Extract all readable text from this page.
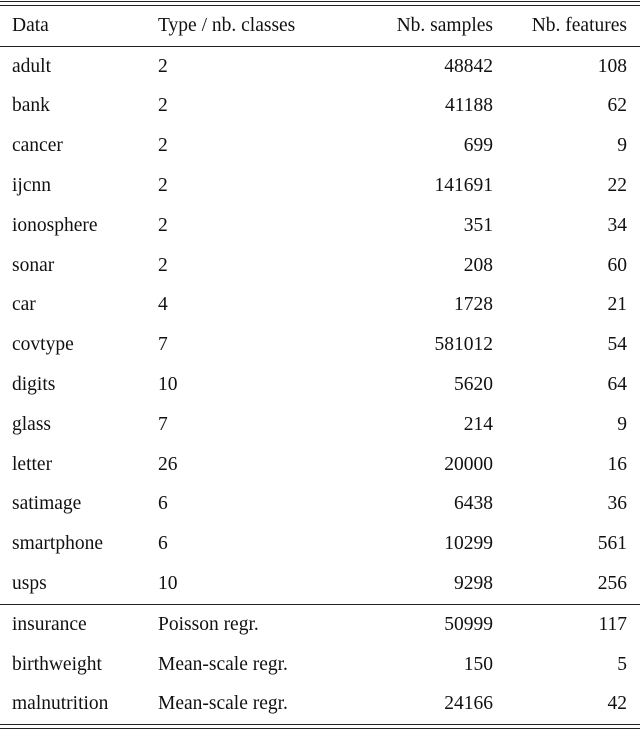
Data	Type / nb. classes	Nb. samples	Nb. features
adult	2	48842	108
bank	2	41188	62
cancer	2	699	9
ijcnn	2	141691	22
ionosphere	2	351	34
sonar	2	208	60
car	4	1728	21
covtype	7	581012	54
digits	10	5620	64
glass	7	214	9
letter	26	20000	16
satimage	6	6438	36
smartphone	6	10299	561
usps	10	9298	256
insurance	Poisson regr.	50999	117
birthweight	Mean-scale regr.	150	5
malnutrition	Mean-scale regr.	24166	42
